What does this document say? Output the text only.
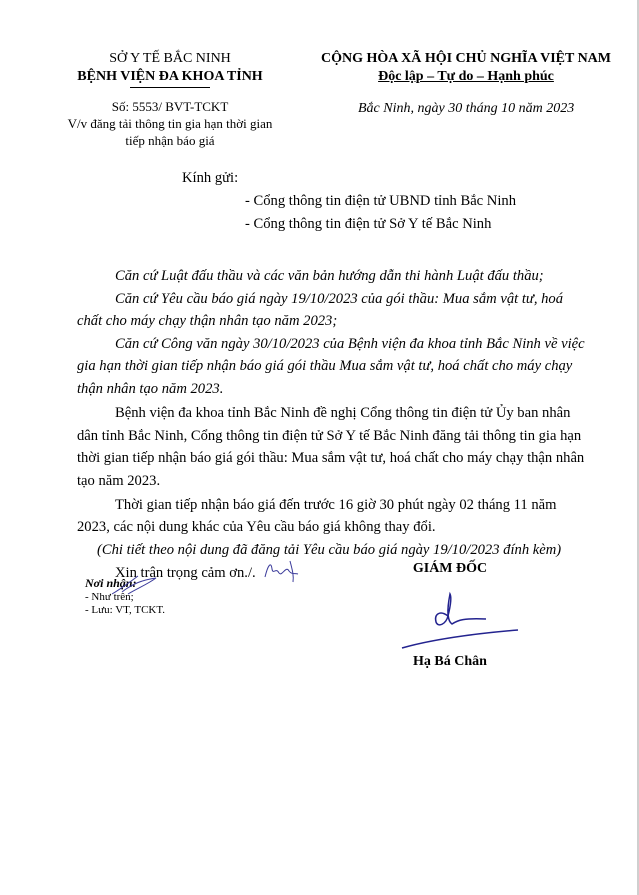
SỞ Y TẾ BẮC NINH
BỆNH VIỆN ĐA KHOA TỈNH
CỘNG HÒA XÃ HỘI CHỦ NGHĨA VIỆT NAM
Độc lập – Tự do – Hạnh phúc
Số: 5553/ BVT-TCKT
V/v đăng tải thông tin gia hạn thời gian
tiếp nhận báo giá
Bắc Ninh, ngày 30 tháng 10 năm 2023
Kính gửi:
- Cổng thông tin điện tử UBND tỉnh Bắc Ninh
- Cổng thông tin điện tử Sở Y tế Bắc Ninh
Căn cứ Luật đấu thầu và các văn bản hướng dẫn thi hành Luật đấu thầu;
Căn cứ Yêu cầu báo giá ngày 19/10/2023 của gói thầu: Mua sắm vật tư, hoá
chất cho máy chạy thận nhân tạo năm 2023;
Căn cứ Công văn ngày 30/10/2023 của Bệnh viện đa khoa tỉnh Bắc Ninh về việc
gia hạn thời gian tiếp nhận báo giá gói thầu Mua sắm vật tư, hoá chất cho máy chạy
thận nhân tạo năm 2023.
Bệnh viện đa khoa tỉnh Bắc Ninh đề nghị Cổng thông tin điện tử Ủy ban nhân
dân tỉnh Bắc Ninh, Cổng thông tin điện tử Sở Y tế Bắc Ninh đăng tải thông tin gia hạn
thời gian tiếp nhận báo giá gói thầu: Mua sắm vật tư, hoá chất cho máy chạy thận nhân
tạo năm 2023.
Thời gian tiếp nhận báo giá đến trước 16 giờ 30 phút ngày 02 tháng 11 năm
2023, các nội dung khác của Yêu cầu báo giá không thay đổi.
(Chi tiết theo nội dung đã đăng tải Yêu cầu báo giá ngày 19/10/2023 đính kèm)
Xin trân trọng cảm ơn./.	GIÁM ĐỐC
Hạ Bá Chân
Nơi nhận:
- Như trên;
- Lưu: VT, TCKT.
